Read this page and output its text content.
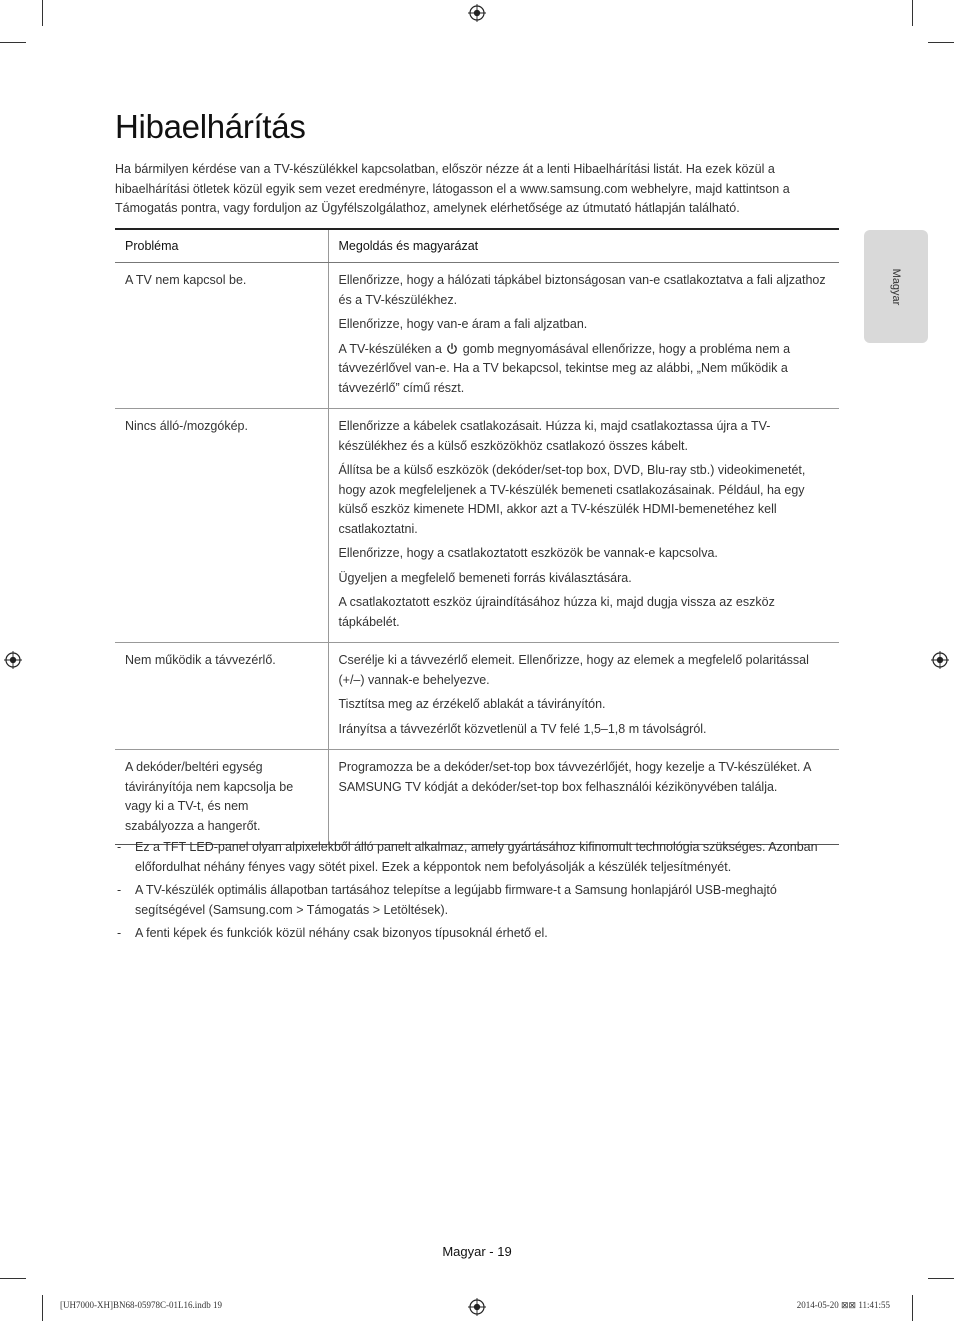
Hibaelhárítás

Ha bármilyen kérdése van a TV-készülékkel kapcsolatban, először nézze át a lenti Hibaelhárítási listát. Ha ezek közül a hibaelhárítási ötletek közül egyik sem vezet eredményre, látogasson el a www.samsung.com webhelyre, majd kattintson a Támogatás pontra, vagy forduljon az Ügyfélszolgálathoz, amelynek elérhetősége az útmutató hátlapján található.

Magyar
Probléma	Megoldás és magyarázat
A TV nem kapcsol be.	Ellenőrizze, hogy a hálózati tápkábel biztonságosan van-e csatlakoztatva a fali aljzathoz és a TV-készülékhez.

Ellenőrizze, hogy van-e áram a fali aljzatban.

A TV-készüléken a gomb megnyomásával ellenőrizze, hogy a probléma nem a távvezérlővel van-e. Ha a TV bekapcsol, tekintse meg az alábbi, „Nem működik a távvezérlő” című részt.

Nincs álló-/mozgókép.	Ellenőrizze a kábelek csatlakozásait. Húzza ki, majd csatlakoztassa újra a TV-készülékhez és a külső eszközökhöz csatlakozó összes kábelt.

Állítsa be a külső eszközök (dekóder/set-top box, DVD, Blu-ray stb.) videokimenetét, hogy azok megfeleljenek a TV-készülék bemeneti csatlakozásainak. Például, ha egy külső eszköz kimenete HDMI, akkor azt a TV-készülék HDMI-bemenetéhez kell csatlakoztatni.

Ellenőrizze, hogy a csatlakoztatott eszközök be vannak-e kapcsolva.

Ügyeljen a megfelelő bemeneti forrás kiválasztására.

A csatlakoztatott eszköz újraindításához húzza ki, majd dugja vissza az eszköz tápkábelét.

Nem működik a távvezérlő.	Cserélje ki a távvezérlő elemeit. Ellenőrizze, hogy az elemek a megfelelő polaritással (+/–) vannak-e behelyezve.

Tisztítsa meg az érzékelő ablakát a távirányítón.

Irányítsa a távvezérlőt közvetlenül a TV felé 1,5–1,8 m távolságról.

A dekóder/beltéri egység távirányítója nem kapcsolja be vagy ki a TV-t, és nem szabályozza a hangerőt.	Programozza be a dekóder/set-top box távvezérlőjét, hogy kezelje a TV-készüléket. A SAMSUNG TV kódját a dekóder/set-top box felhasználói kézikönyvében találja.

- Ez a TFT LED-panel olyan alpixelekből álló panelt alkalmaz, amely gyártásához kifinomult technológia szükséges. Azonban előfordulhat néhány fényes vagy sötét pixel. Ezek a képpontok nem befolyásolják a készülék teljesítményét.
- A TV-készülék optimális állapotban tartásához telepítse a legújabb firmware-t a Samsung honlapjáról USB-meghajtó segítségével (Samsung.com > Támogatás > Letöltések).
- A fenti képek és funkciók közül néhány csak bizonyos típusoknál érhető el.
Magyar - 19
[UH7000-XH]BN68-05978C-01L16.indb 19	2014-05-20 ⊠⊠ 11:41:55
